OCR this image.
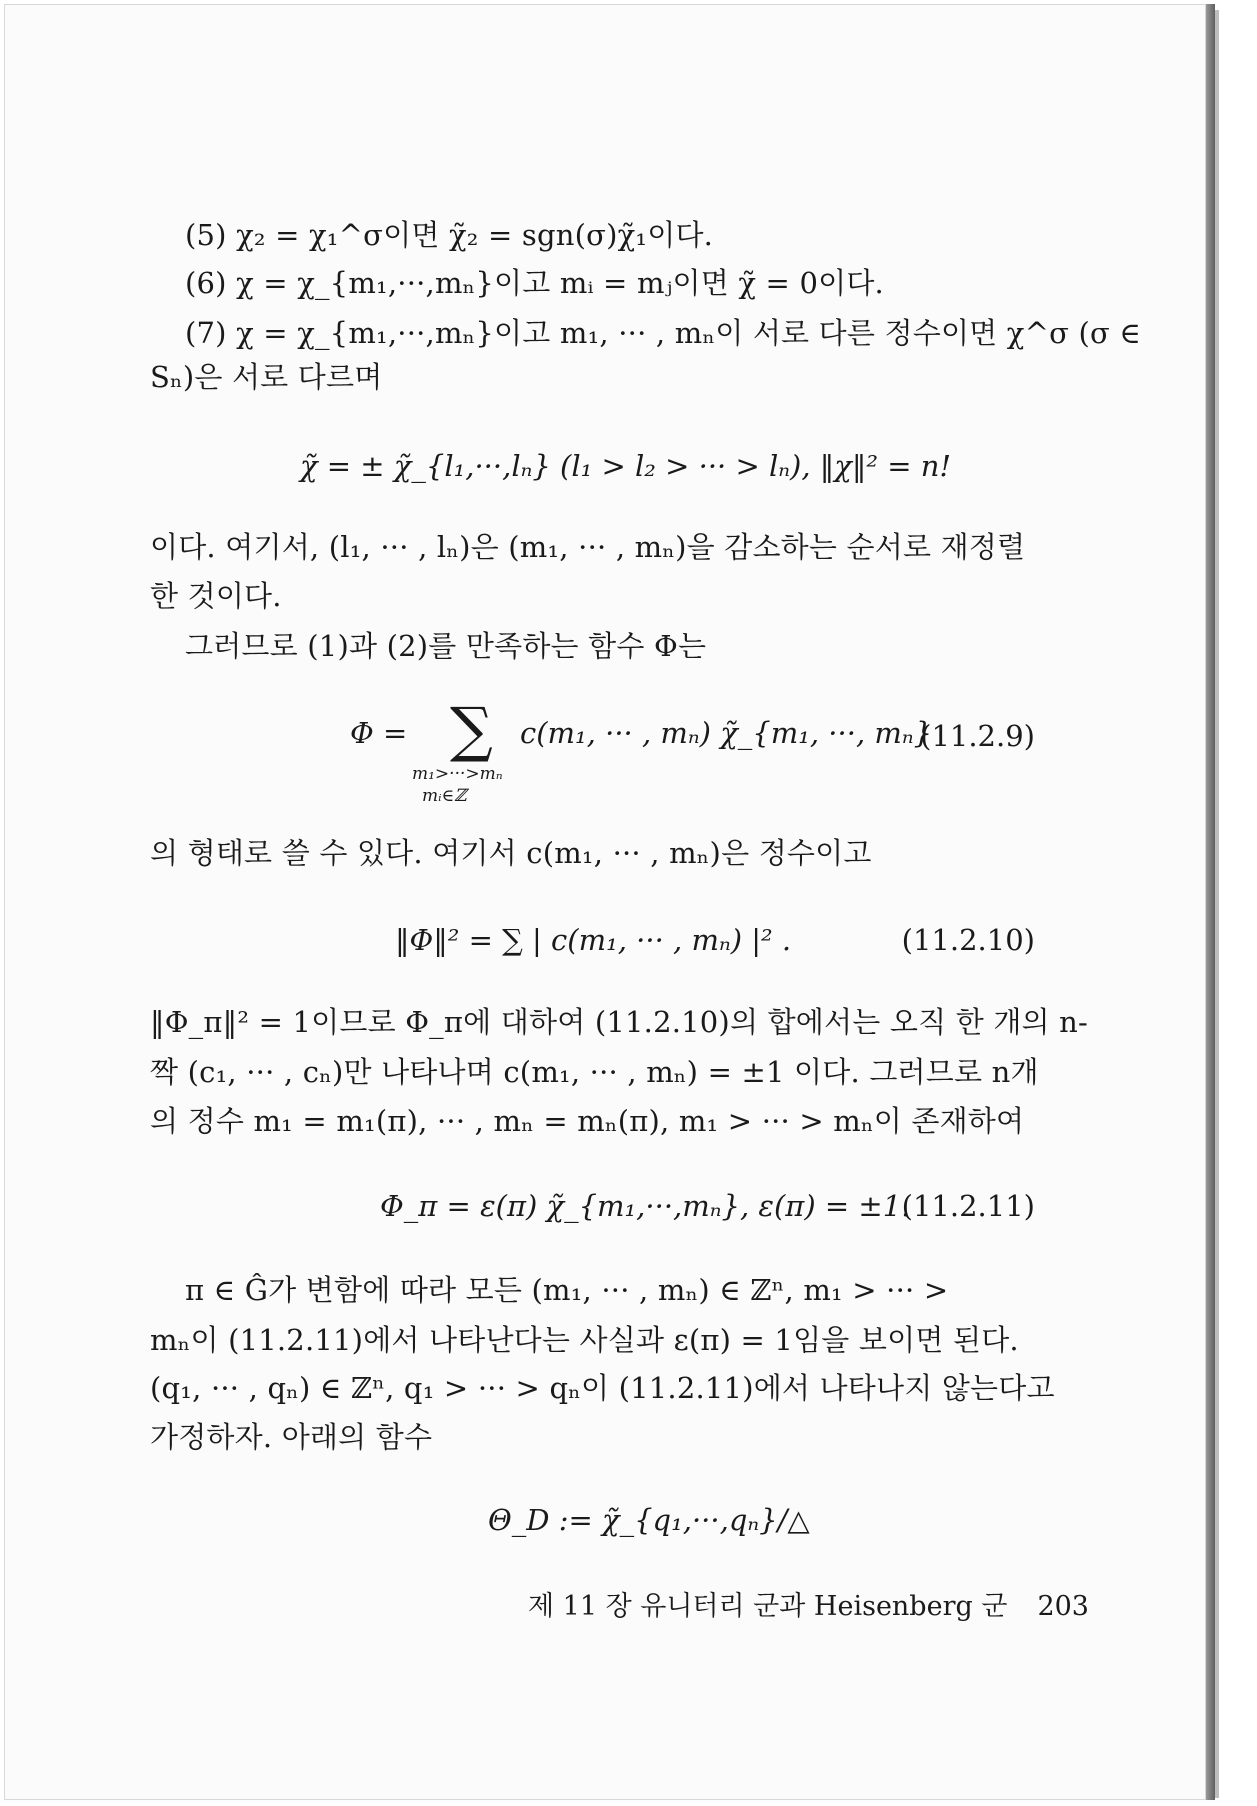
(5) χ₂ = χ₁^σ이면 χ̃₂ = sgn(σ)χ̃₁이다.
(6) χ = χ_{m₁,···,mₙ}이고 mᵢ = mⱼ이면 χ̃ = 0이다.
(7) χ = χ_{m₁,···,mₙ}이고 m₁, ··· , mₙ이 서로 다른 정수이면 χ^σ (σ ∈
Sₙ)은 서로 다르며
χ̃ = ± χ̃_{l₁,···,lₙ} (l₁ > l₂ > ··· > lₙ), ‖χ‖² = n!
이다. 여기서, (l₁, ··· , lₙ)은 (m₁, ··· , mₙ)을 감소하는 순서로 재정렬
한 것이다.
그러므로 (1)과 (2)를 만족하는 함수 Φ는
Φ = ∑ c(m₁, ··· , mₙ) χ̃_{m₁, ···, mₙ}
m₁>···>mₙ
mᵢ∈ℤ
(11.2.9)
의 형태로 쓸 수 있다. 여기서 c(m₁, ··· , mₙ)은 정수이고
‖Φ‖² = ∑ | c(m₁, ··· , mₙ) |² .	(11.2.10)
‖Φ_π‖² = 1이므로 Φ_π에 대하여 (11.2.10)의 합에서는 오직 한 개의 n-
짝 (c₁, ··· , cₙ)만 나타나며 c(m₁, ··· , mₙ) = ±1 이다. 그러므로 n개
의 정수 m₁ = m₁(π), ··· , mₙ = mₙ(π), m₁ > ··· > mₙ이 존재하여
Φ_π = ε(π) χ̃_{m₁,···,mₙ}, ε(π) = ±1.
(11.2.11)
π ∈ Ĝ가 변함에 따라 모든 (m₁, ··· , mₙ) ∈ ℤⁿ, m₁ > ··· >
mₙ이 (11.2.11)에서 나타난다는 사실과 ε(π) = 1임을 보이면 된다.
(q₁, ··· , qₙ) ∈ ℤⁿ, q₁ > ··· > qₙ이 (11.2.11)에서 나타나지 않는다고
가정하자. 아래의 함수
Θ_D := χ̃_{q₁,···,qₙ}/△
제 11 장 유니터리 군과 Heisenberg 군 203
